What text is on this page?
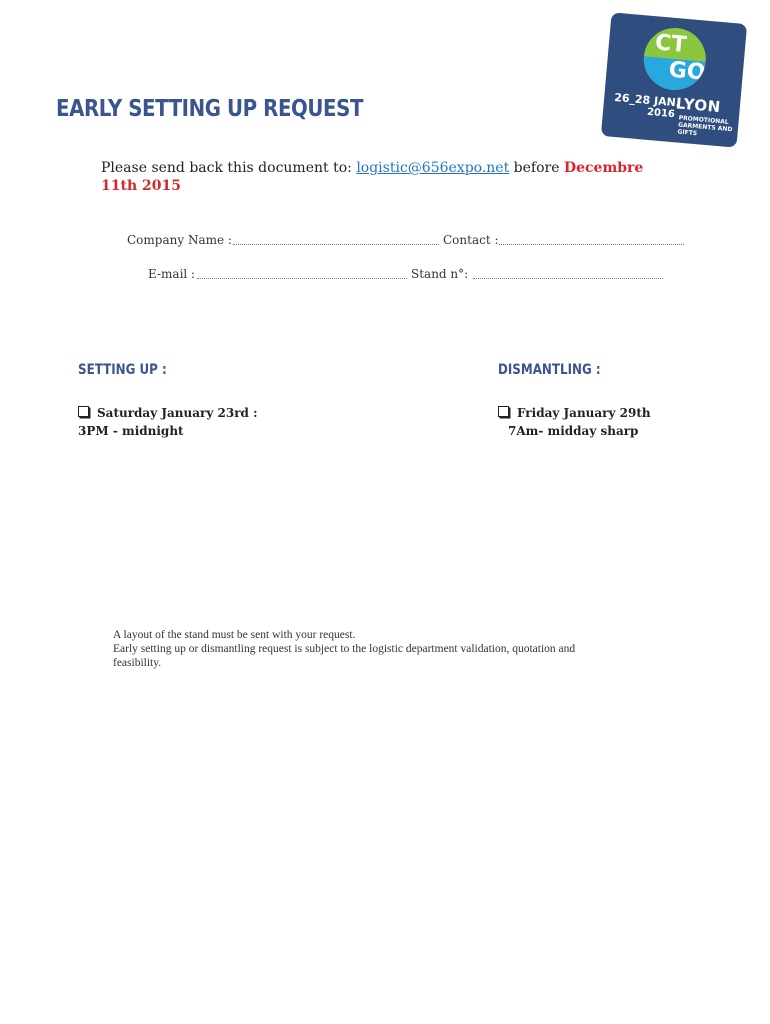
CT
GO
26_28 JAN.
2016 LYON
PROMOTIONAL GARMENTS AND GIFTS
EARLY SETTING UP REQUEST
Please send back this document to: logistic@656expo.net before Decembre 11th 2015
Company Name :	Contact :
E-mail :	Stand n°:
SETTING UP :
Saturday January 23rd :
3PM - midnight
DISMANTLING :
Friday January 29th
7Am- midday sharp

A layout of the stand must be sent with your request.

Early setting up or dismantling request is subject to the logistic department validation, quotation and feasibility.
